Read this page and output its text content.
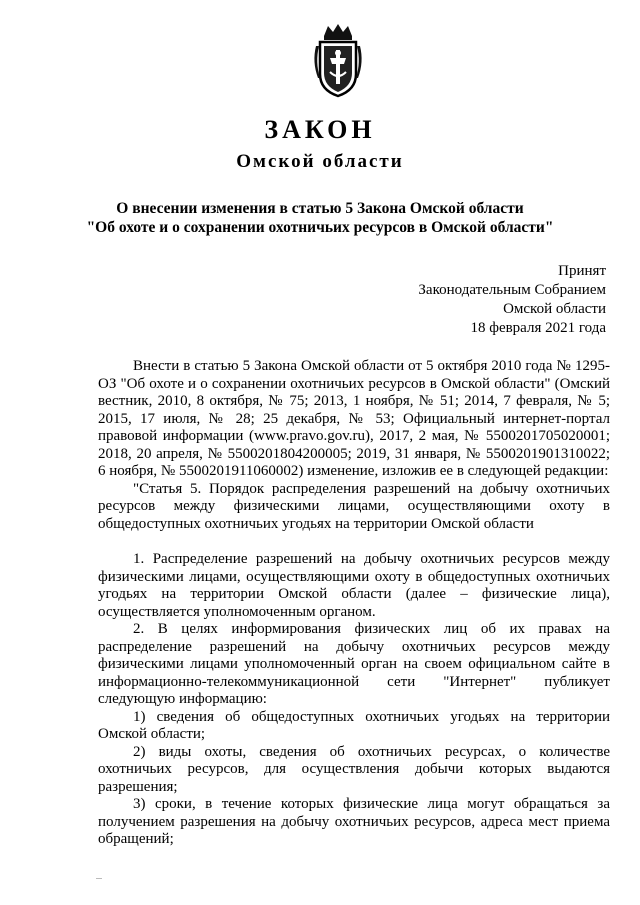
ЗАКОН
Омской области
О внесении изменения в статью 5 Закона Омской области
"Об охоте и о сохранении охотничьих ресурсов в Омской области"
Принят
Законодательным Собранием
Омской области
18 февраля 2021 года

Внести в статью 5 Закона Омской области от 5 октября 2010 года № 1295-ОЗ "Об охоте и о сохранении охотничьих ресурсов в Омской области" (Омский вестник, 2010, 8 октября, № 75; 2013, 1 ноября, № 51; 2014, 7 февраля, № 5; 2015, 17 июля, № 28; 25 декабря, № 53; Официальный интернет-портал правовой информации (www.pravo.gov.ru), 2017, 2 мая, № 5500201705020001; 2018, 20 апреля, № 5500201804200005; 2019, 31 января, № 5500201901310022; 6 ноября, № 5500201911060002) изменение, изложив ее в следующей редакции:

"Статья 5. Порядок распределения разрешений на добычу охотничьих ресурсов между физическими лицами, осуществляющими охоту в общедоступных охотничьих угодьях на территории Омской области

1. Распределение разрешений на добычу охотничьих ресурсов между физическими лицами, осуществляющими охоту в общедоступных охотничьих угодьях на территории Омской области (далее – физические лица), осуществляется уполномоченным органом.

2. В целях информирования физических лиц об их правах на распределение разрешений на добычу охотничьих ресурсов между физическими лицами уполномоченный орган на своем официальном сайте в информационно-телекоммуникационной сети "Интернет" публикует следующую информацию:

1) сведения об общедоступных охотничьих угодьях на территории Омской области;

2) виды охоты, сведения об охотничьих ресурсах, о количестве охотничьих ресурсов, для осуществления добычи которых выдаются разрешения;

3) сроки, в течение которых физические лица могут обращаться за получением разрешения на добычу охотничьих ресурсов, адреса мест приема обращений;
